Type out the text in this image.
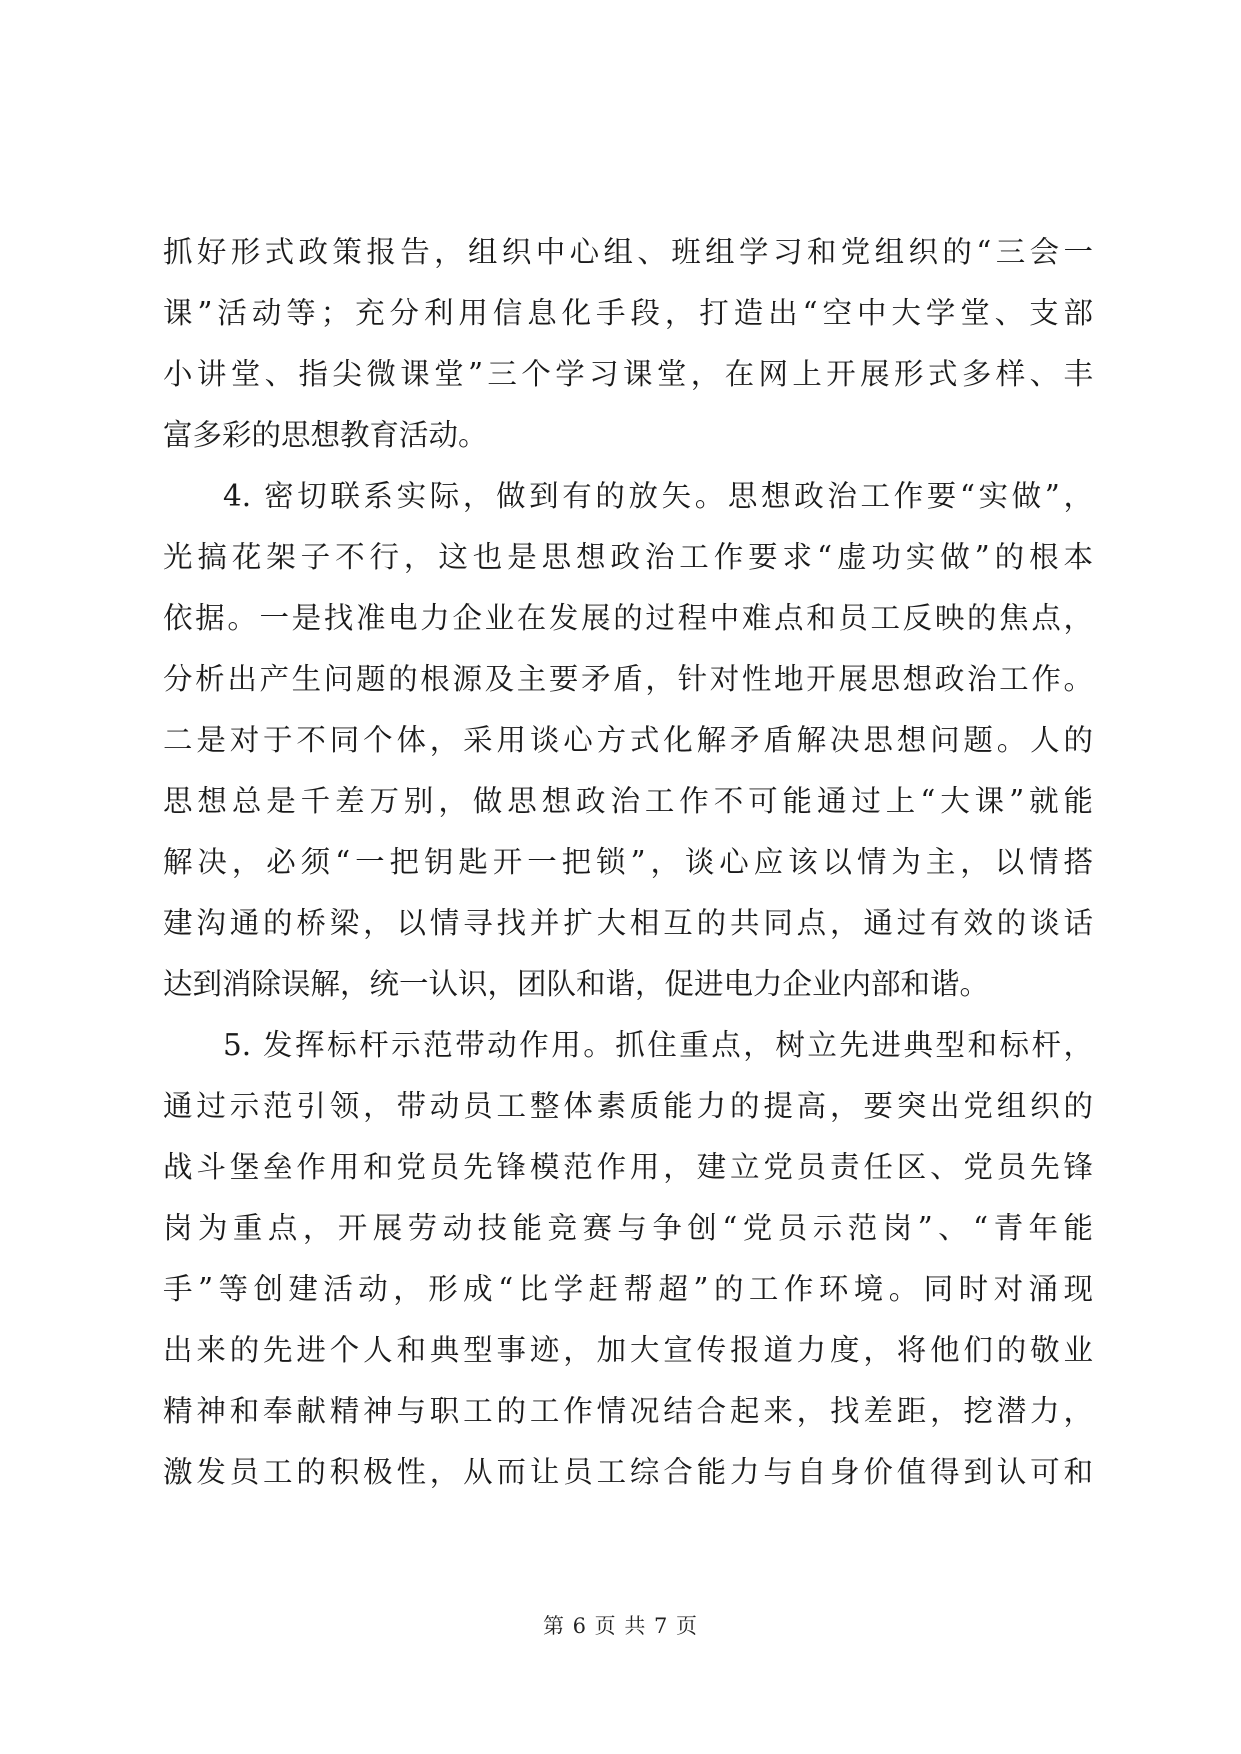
抓好形式政策报告，组织中心组、班组学习和党组织的“三会一
课”活动等；充分利用信息化手段，打造出“空中大学堂、支部
小讲堂、指尖微课堂”三个学习课堂，在网上开展形式多样、丰
富多彩的思想教育活动。
4. 密切联系实际，做到有的放矢。思想政治工作要“实做”，
光搞花架子不行，这也是思想政治工作要求“虚功实做”的根本
依据。一是找准电力企业在发展的过程中难点和员工反映的焦点，
分析出产生问题的根源及主要矛盾，针对性地开展思想政治工作。
二是对于不同个体，采用谈心方式化解矛盾解决思想问题。人的
思想总是千差万别，做思想政治工作不可能通过上“大课”就能
解决，必须“一把钥匙开一把锁”，谈心应该以情为主，以情搭
建沟通的桥梁，以情寻找并扩大相互的共同点，通过有效的谈话
达到消除误解，统一认识，团队和谐，促进电力企业内部和谐。
5. 发挥标杆示范带动作用。抓住重点，树立先进典型和标杆，
通过示范引领，带动员工整体素质能力的提高，要突出党组织的
战斗堡垒作用和党员先锋模范作用，建立党员责任区、党员先锋
岗为重点，开展劳动技能竞赛与争创“党员示范岗”、“青年能
手”等创建活动，形成“比学赶帮超”的工作环境。同时对涌现
出来的先进个人和典型事迹，加大宣传报道力度，将他们的敬业
精神和奉献精神与职工的工作情况结合起来，找差距，挖潜力，
激发员工的积极性，从而让员工综合能力与自身价值得到认可和
第 6 页 共 7 页
